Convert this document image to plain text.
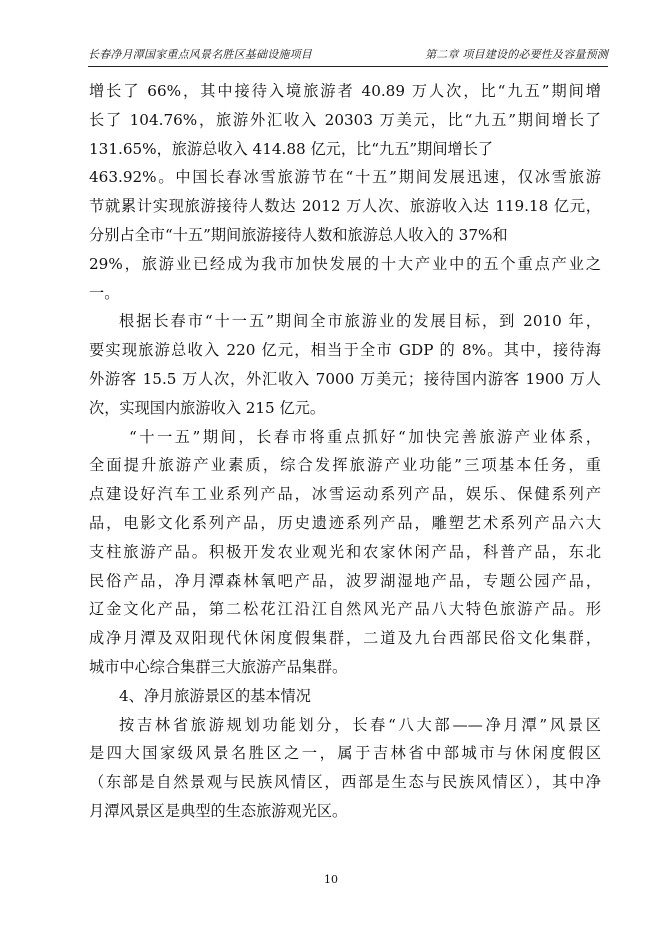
长春净月潭国家重点风景名胜区基础设施项目	第二章 项目建设的必要性及容量预测
增长了 66%，其中接待入境旅游者 40.89 万人次，比“九五”期间增
长了 104.76%，旅游外汇收入 20303 万美元，比“九五”期间增长了
131.65%，旅游总收入 414.88 亿元，比“九五”期间增长了
463.92%。中国长春冰雪旅游节在“十五”期间发展迅速，仅冰雪旅游
节就累计实现旅游接待人数达 2012 万人次、旅游收入达 119.18 亿元，
分别占全市“十五”期间旅游接待人数和旅游总人收入的 37%和
29%，旅游业已经成为我市加快发展的十大产业中的五个重点产业之
一。
根据长春市“十一五”期间全市旅游业的发展目标，到 2010 年，
要实现旅游总收入 220 亿元，相当于全市 GDP 的 8%。其中，接待海
外游客 15.5 万人次，外汇收入 7000 万美元；接待国内游客 1900 万人
次，实现国内旅游收入 215 亿元。
“十一五”期间，长春市将重点抓好“加快完善旅游产业体系，
全面提升旅游产业素质，综合发挥旅游产业功能”三项基本任务，重
点建设好汽车工业系列产品，冰雪运动系列产品，娱乐、保健系列产
品，电影文化系列产品，历史遗迹系列产品，雕塑艺术系列产品六大
支柱旅游产品。积极开发农业观光和农家休闲产品，科普产品，东北
民俗产品，净月潭森林氧吧产品，波罗湖湿地产品，专题公园产品，
辽金文化产品，第二松花江沿江自然风光产品八大特色旅游产品。形
成净月潭及双阳现代休闲度假集群，二道及九台西部民俗文化集群，
城市中心综合集群三大旅游产品集群。
4、净月旅游景区的基本情况
按吉林省旅游规划功能划分，长春“八大部——净月潭”风景区
是四大国家级风景名胜区之一，属于吉林省中部城市与休闲度假区
（东部是自然景观与民族风情区，西部是生态与民族风情区），其中净
月潭风景区是典型的生态旅游观光区。
10
